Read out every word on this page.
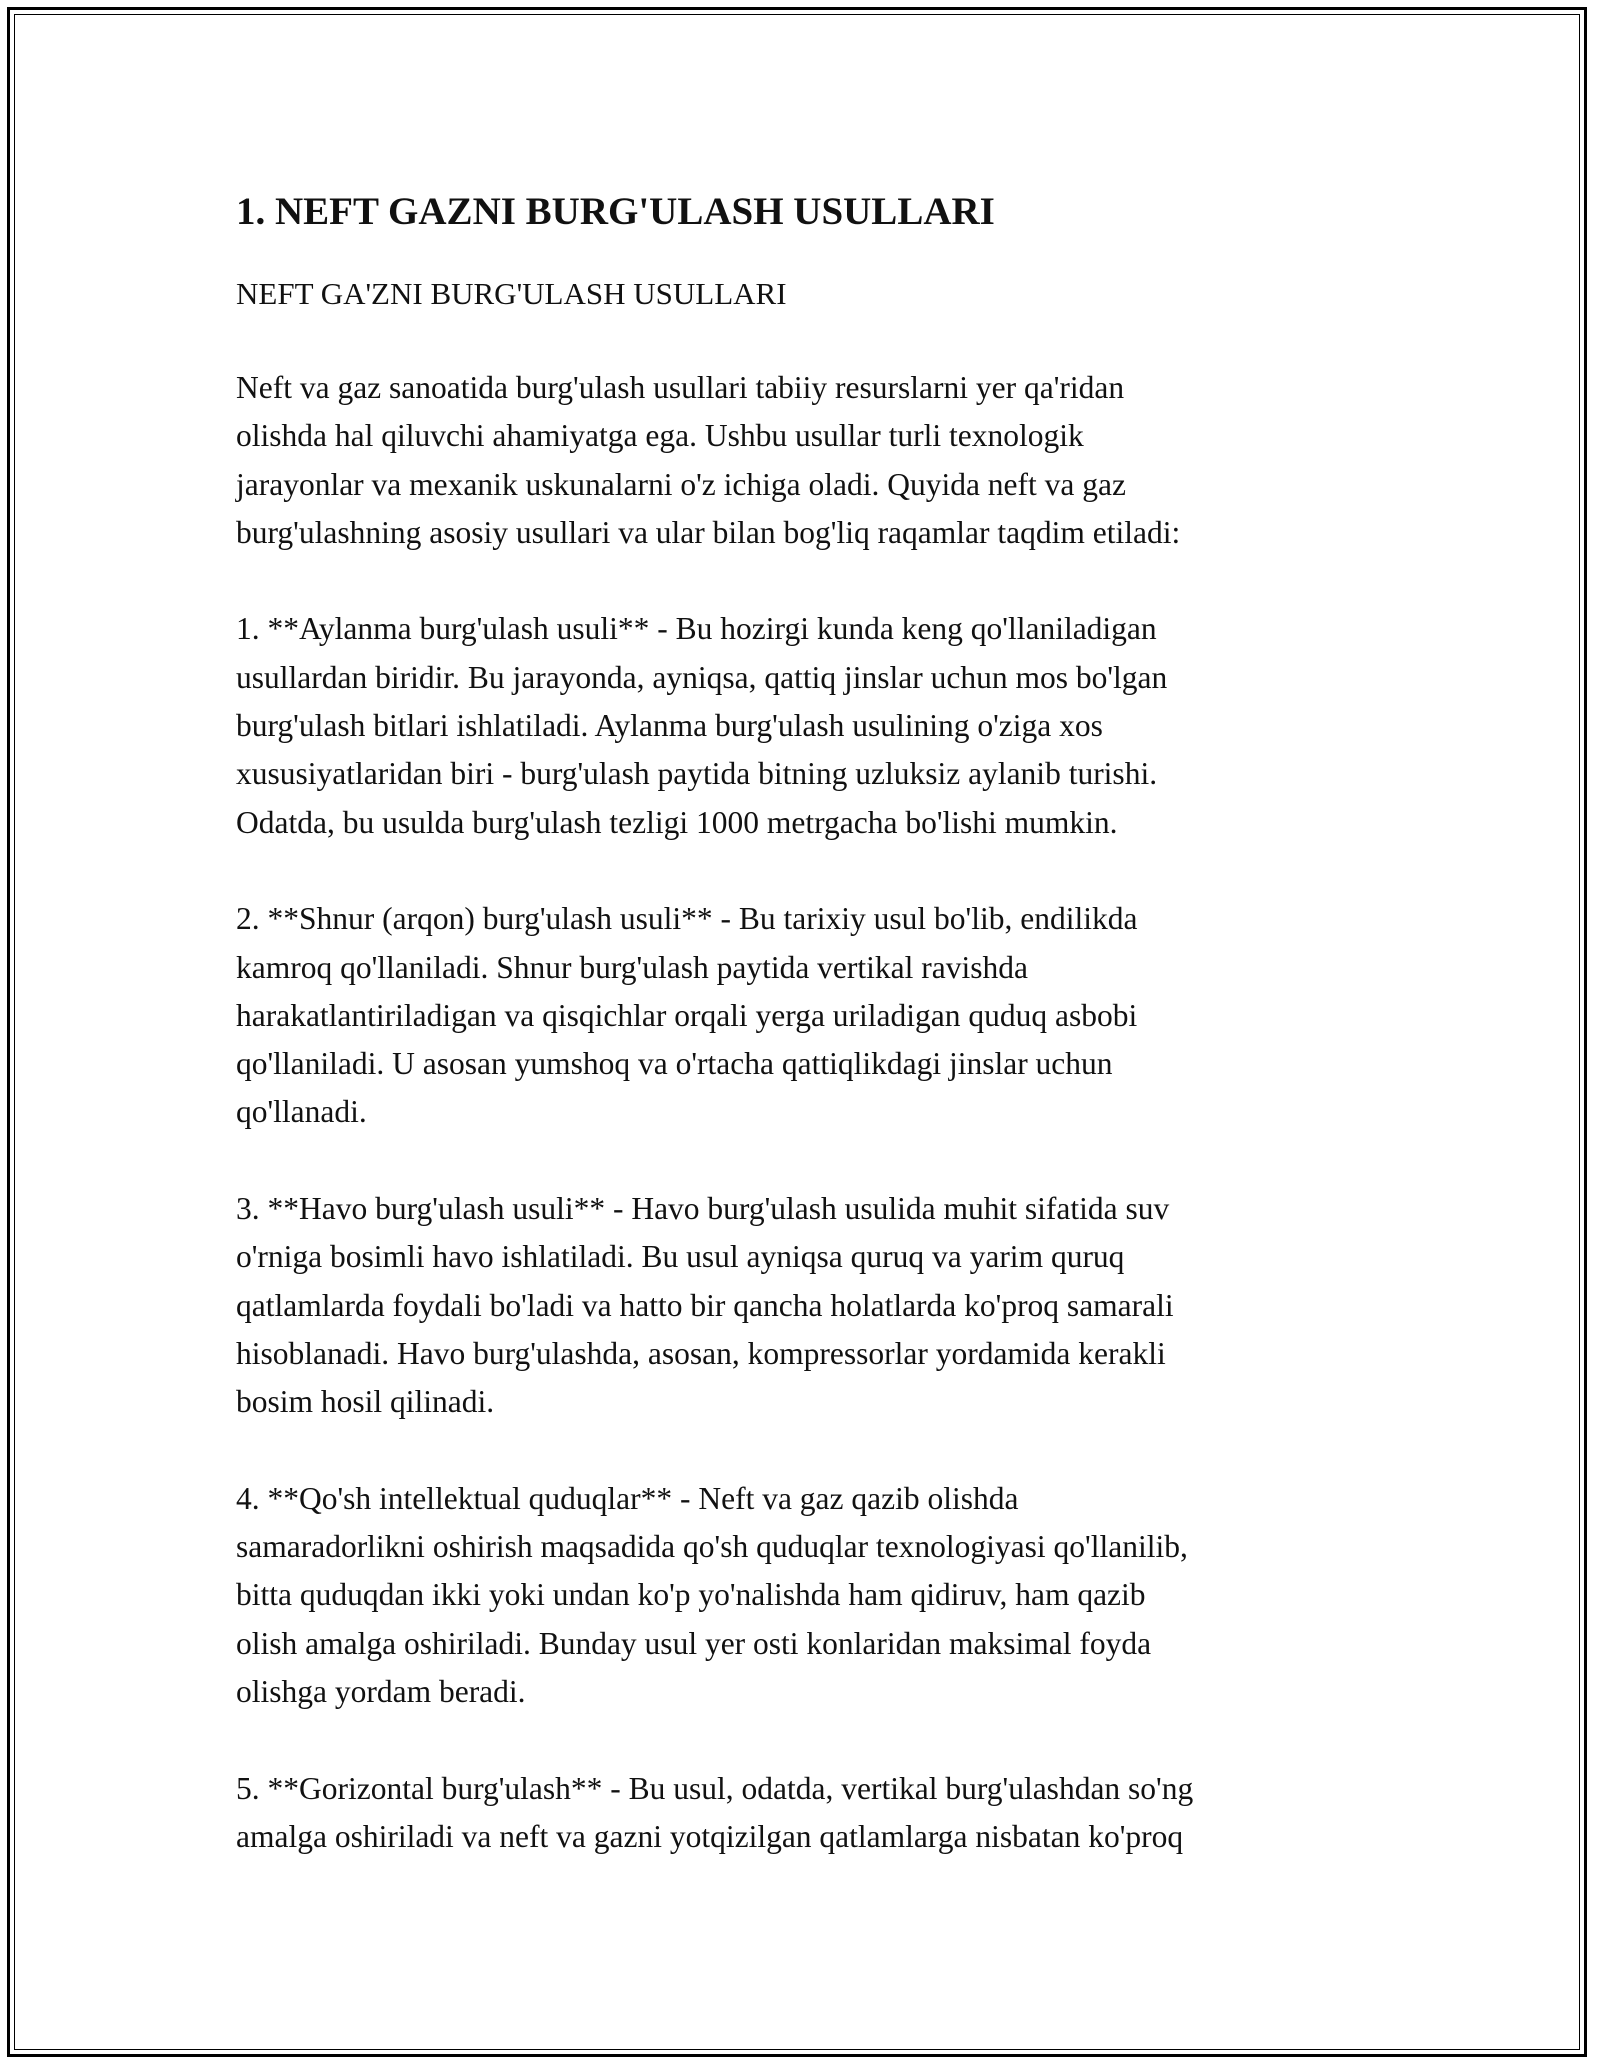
1. NEFT GAZNI BURG'ULASH USULLARI

NEFT GA'ZNI BURG'ULASH USULLARI

Neft va gaz sanoatida burg'ulash usullari tabiiy resurslarni yer qa'ridan
olishda hal qiluvchi ahamiyatga ega. Ushbu usullar turli texnologik
jarayonlar va mexanik uskunalarni o'z ichiga oladi. Quyida neft va gaz
burg'ulashning asosiy usullari va ular bilan bog'liq raqamlar taqdim etiladi:

1. **Aylanma burg'ulash usuli** - Bu hozirgi kunda keng qo'llaniladigan
usullardan biridir. Bu jarayonda, ayniqsa, qattiq jinslar uchun mos bo'lgan
burg'ulash bitlari ishlatiladi. Aylanma burg'ulash usulining o'ziga xos
xususiyatlaridan biri - burg'ulash paytida bitning uzluksiz aylanib turishi.
Odatda, bu usulda burg'ulash tezligi 1000 metrgacha bo'lishi mumkin.

2. **Shnur (arqon) burg'ulash usuli** - Bu tarixiy usul bo'lib, endilikda
kamroq qo'llaniladi. Shnur burg'ulash paytida vertikal ravishda
harakatlantiriladigan va qisqichlar orqali yerga uriladigan quduq asbobi
qo'llaniladi. U asosan yumshoq va o'rtacha qattiqlikdagi jinslar uchun
qo'llanadi.

3. **Havo burg'ulash usuli** - Havo burg'ulash usulida muhit sifatida suv
o'rniga bosimli havo ishlatiladi. Bu usul ayniqsa quruq va yarim quruq
qatlamlarda foydali bo'ladi va hatto bir qancha holatlarda ko'proq samarali
hisoblanadi. Havo burg'ulashda, asosan, kompressorlar yordamida kerakli
bosim hosil qilinadi.

4. **Qo'sh intellektual quduqlar** - Neft va gaz qazib olishda
samaradorlikni oshirish maqsadida qo'sh quduqlar texnologiyasi qo'llanilib,
bitta quduqdan ikki yoki undan ko'p yo'nalishda ham qidiruv, ham qazib
olish amalga oshiriladi. Bunday usul yer osti konlaridan maksimal foyda
olishga yordam beradi.

5. **Gorizontal burg'ulash** - Bu usul, odatda, vertikal burg'ulashdan so'ng
amalga oshiriladi va neft va gazni yotqizilgan qatlamlarga nisbatan ko'proq
